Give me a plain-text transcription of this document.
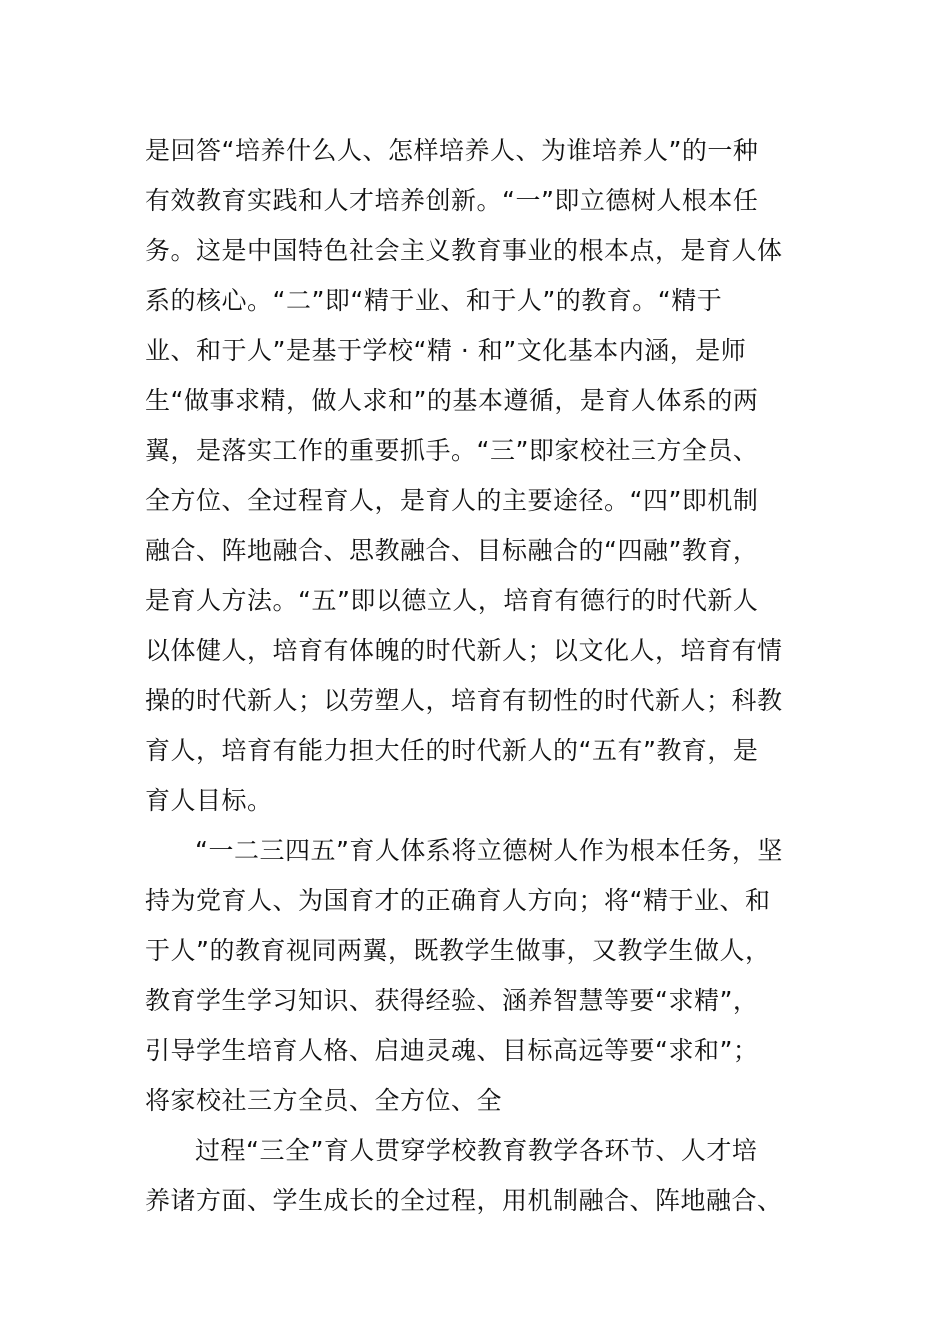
是回答“培养什么人、怎样培养人、为谁培养人”的一种
有效教育实践和人才培养创新。“一”即立德树人根本任
务。这是中国特色社会主义教育事业的根本点，是育人体
系的核心。“二”即“精于业、和于人”的教育。“精于
业、和于人”是基于学校“精 · 和”文化基本内涵，是师
生“做事求精，做人求和”的基本遵循，是育人体系的两
翼，是落实工作的重要抓手。“三”即家校社三方全员、
全方位、全过程育人，是育人的主要途径。“四”即机制
融合、阵地融合、思教融合、目标融合的“四融”教育，
是育人方法。“五”即以德立人，培育有德行的时代新人
以体健人，培育有体魄的时代新人；以文化人，培育有情
操的时代新人；以劳塑人，培育有韧性的时代新人；科教
育人，培育有能力担大任的时代新人的“五有”教育，是
育人目标。
“一二三四五”育人体系将立德树人作为根本任务，坚
持为党育人、为国育才的正确育人方向；将“精于业、和
于人”的教育视同两翼，既教学生做事，又教学生做人，
教育学生学习知识、获得经验、涵养智慧等要“求精”，
引导学生培育人格、启迪灵魂、目标高远等要“求和”；
将家校社三方全员、全方位、全
过程“三全”育人贯穿学校教育教学各环节、人才培
养诸方面、学生成长的全过程，用机制融合、阵地融合、
